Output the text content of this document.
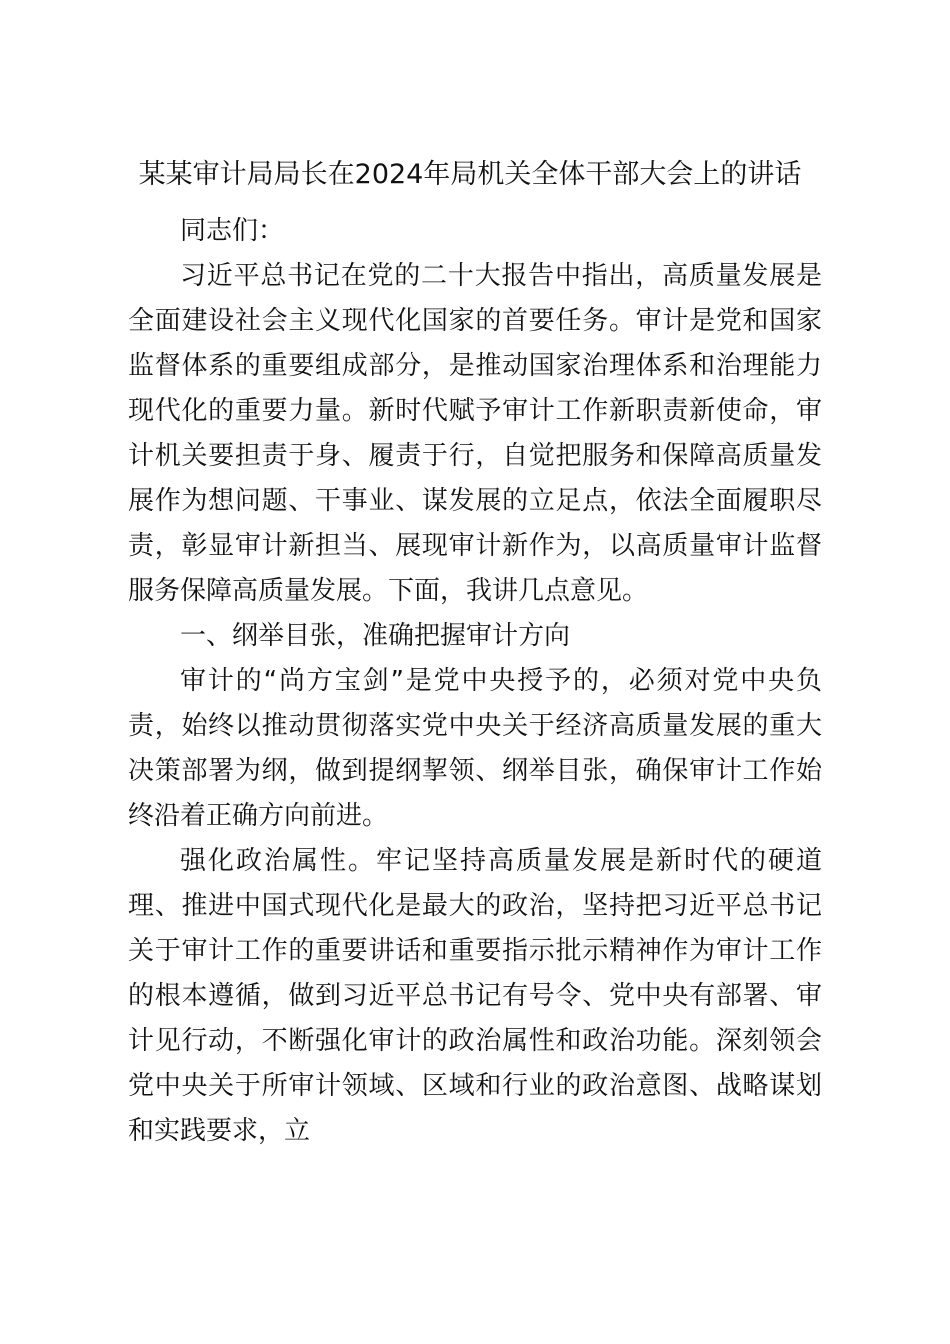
某某审计局局长在2024年局机关全体干部大会上的讲话

同志们：

习近平总书记在党的二十大报告中指出，高质量发展是全面建设社会主义现代化国家的首要任务。审计是党和国家监督体系的重要组成部分，是推动国家治理体系和治理能力现代化的重要力量。新时代赋予审计工作新职责新使命，审计机关要担责于身、履责于行，自觉把服务和保障高质量发展作为想问题、干事业、谋发展的立足点，依法全面履职尽责，彰显审计新担当、展现审计新作为，以高质量审计监督服务保障高质量发展。下面，我讲几点意见。

一、纲举目张，准确把握审计方向

审计的“尚方宝剑”是党中央授予的，必须对党中央负责，始终以推动贯彻落实党中央关于经济高质量发展的重大决策部署为纲，做到提纲挈领、纲举目张，确保审计工作始终沿着正确方向前进。

强化政治属性。牢记坚持高质量发展是新时代的硬道理、推进中国式现代化是最大的政治，坚持把习近平总书记关于审计工作的重要讲话和重要指示批示精神作为审计工作的根本遵循，做到习近平总书记有号令、党中央有部署、审计见行动，不断强化审计的政治属性和政治功能。深刻领会党中央关于所审计领域、区域和行业的政治意图、战略谋划和实践要求，立
